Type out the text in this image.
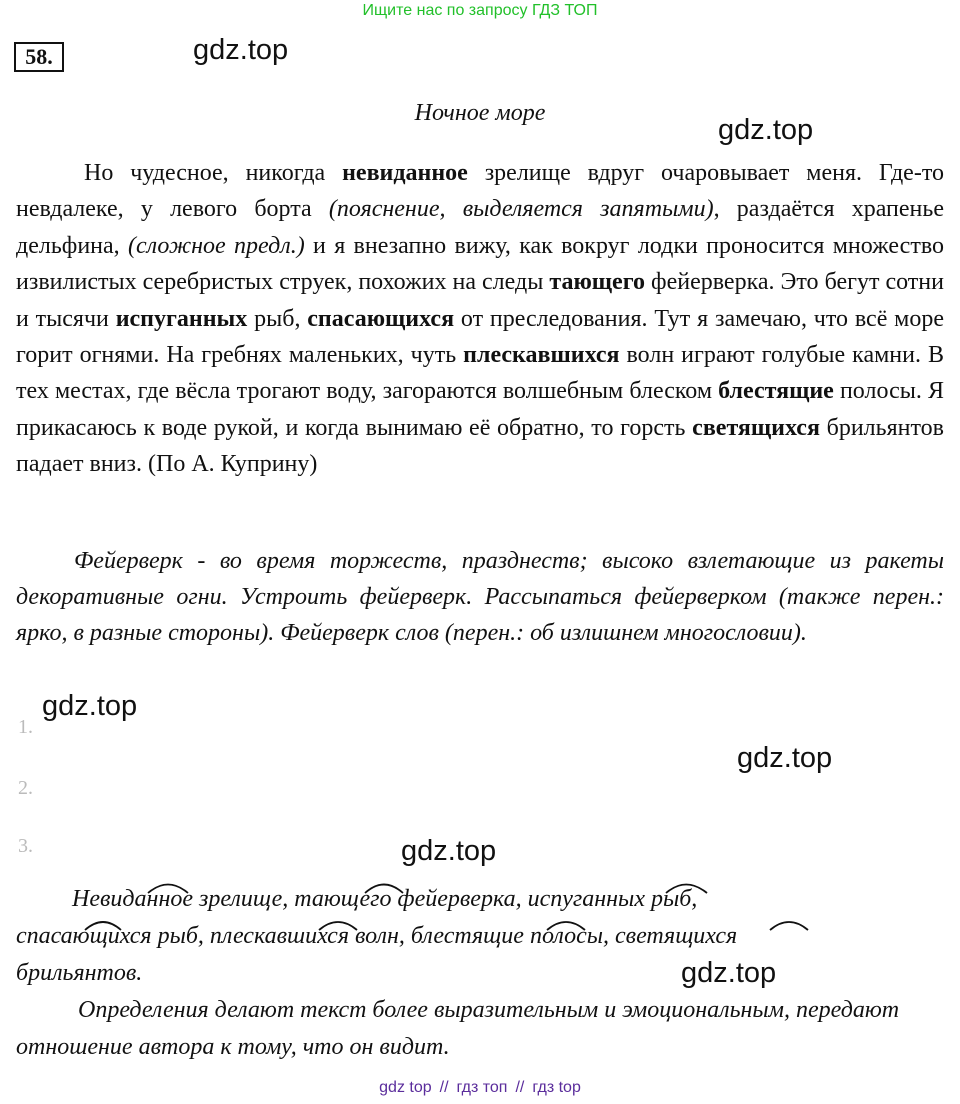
Ищите нас по запросу ГДЗ ТОП
58.	gdz.top
gdz.top
gdz.top
gdz.top
gdz.top
gdz.top
Ночное море
Но чудесное, никогда невиданное зрелище вдруг очаровывает меня. Где-то невдалеке, у левого борта (пояснение, выделяется запятыми), раздаётся храпенье дельфина, (сложное предл.) и я внезапно вижу, как вокруг лодки проносится множество извилистых серебристых струек, похожих на следы тающего фейерверка. Это бегут сотни и тысячи испуганных рыб, спасающихся от преследования. Тут я замечаю, что всё море горит огнями. На гребнях маленьких, чуть плескавшихся волн играют голубые камни. В тех местах, где вёсла трогают воду, загораются волшебным блеском блестящие полосы. Я прикасаюсь к воде рукой, и когда вынимаю её обратно, то горсть светящихся брильянтов падает вниз. (По А. Куприну)
Фейерверк - во время торжеств, празднеств; высоко взлетающие из ракеты декоративные огни. Устроить фейерверк. Рассыпаться фейерверком (также перен.: ярко, в разные стороны). Фейерверк слов (перен.: об излишнем многословии).
1.
2.
3.
Невиданное зрелище, тающего фейерверка, испуганных рыб,
спасающихся рыб, плескавшихся волн, блестящие полосы, светящихся
брильянтов.
Определения делают текст более выразительным и эмоциональным, передают отношение автора к тому, что он видит.
gdz top // гдз топ // гдз top
